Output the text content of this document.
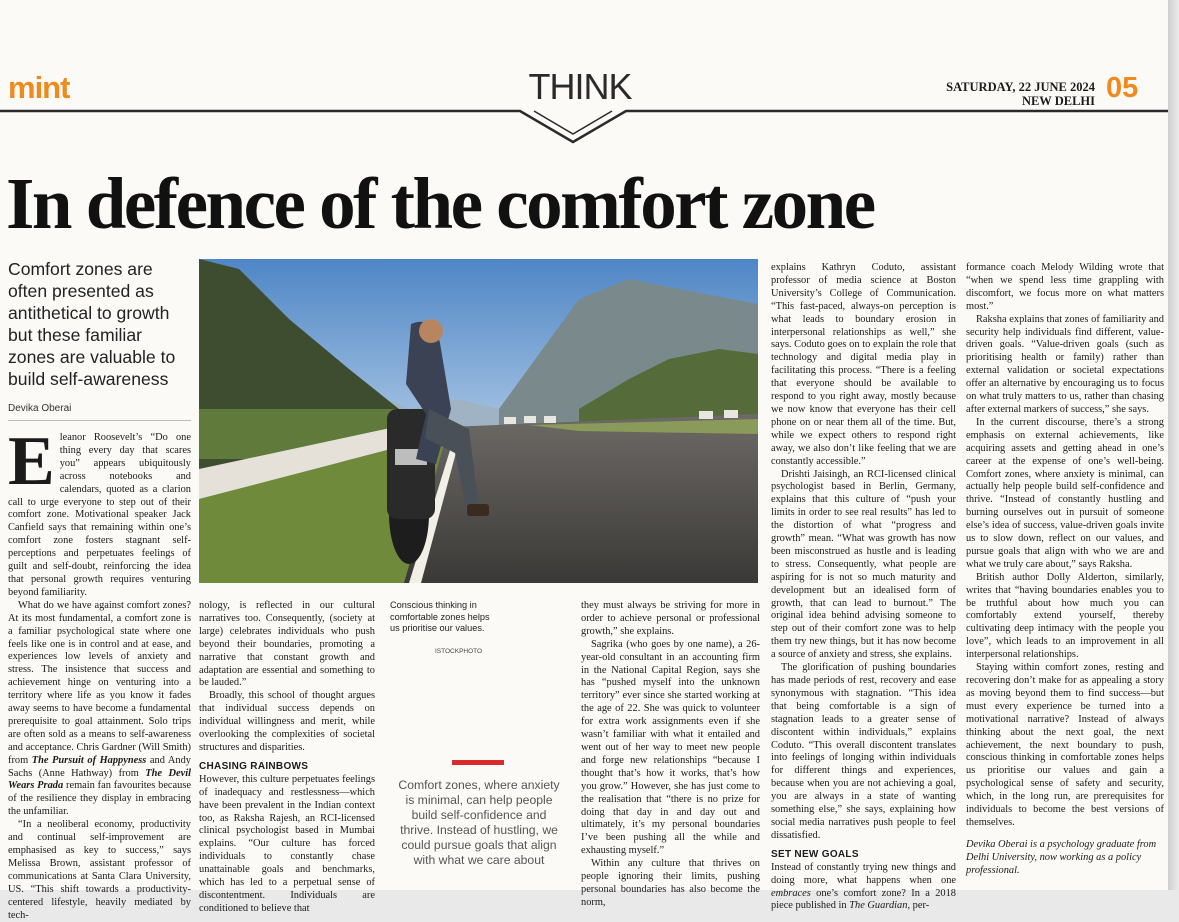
mint	THINK	SATURDAY, 22 JUNE 2024
NEW DELHI 05
In defence of the comfort zone
Comfort zones are often presented as antithetical to growth but these familiar zones are valuable to build self-awareness
Devika Oberai

Eleanor Roosevelt’s “Do one thing every day that scares you” appears ubiquitously across notebooks and calendars, quoted as a clarion call to urge everyone to step out of their comfort zone. Motivational speaker Jack Canfield says that remaining within one’s comfort zone fosters stagnant self-perceptions and perpetuates feelings of guilt and self-doubt, reinforcing the idea that personal growth requires venturing beyond familiarity.

What do we have against comfort zones? At its most fundamental, a comfort zone is a familiar psychological state where one feels like one is in control and at ease, and experiences low levels of anxiety and stress. The insistence that success and achievement hinge on venturing into a territory where life as you know it fades away seems to have become a fundamental prerequisite to goal attainment. Solo trips are often sold as a means to self-awareness and acceptance. Chris Gardner (Will Smith) from The Pursuit of Happyness and Andy Sachs (Anne Hathway) from The Devil Wears Prada remain fan favourites because of the resilience they display in embracing the unfamiliar.

“In a neoliberal economy, productivity and continual self-improvement are emphasised as key to success,” says Melissa Brown, assistant professor of communications at Santa Clara University, US. “This shift towards a productivity-centered lifestyle, heavily mediated by tech-

Conscious thinking in comfortable zones helps us prioritise our values.
ISTOCKPHOTO

nology, is reflected in our cultural narratives too. Consequently, (society at large) celebrates individuals who push beyond their boundaries, promoting a narrative that constant growth and adaptation are essential and something to be lauded.”

Broadly, this school of thought argues that individual success depends on individual willingness and merit, while overlooking the complexities of societal structures and disparities.

CHASING RAINBOWS

However, this culture perpetuates feelings of inadequacy and restlessness—which have been prevalent in the Indian context too, as Raksha Rajesh, an RCI-licensed clinical psychologist based in Mumbai explains. “Our culture has forced individuals to constantly chase unattainable goals and benchmarks, which has led to a perpetual sense of discontentment. Individuals are conditioned to believe that

they must always be striving for more in order to achieve personal or professional growth,” she explains.

Sagrika (who goes by one name), a 26-year-old consultant in an accounting firm in the National Capital Region, says she has “pushed myself into the unknown territory” ever since she started working at the age of 22. She was quick to volunteer for extra work assignments even if she wasn’t familiar with what it entailed and went out of her way to meet new people and forge new relationships “because I thought that’s how it works, that’s how you grow.” However, she has just come to the realisation that “there is no prize for doing that day in and day out and ultimately, it’s my personal boundaries I’ve been pushing all the while and exhausting myself.”

Within any culture that thrives on people ignoring their limits, pushing personal boundaries has also become the norm,

Comfort zones, where anxiety is minimal, can help people build self-confidence and thrive. Instead of hustling, we could pursue goals that align with what we care about

explains Kathryn Coduto, assistant professor of media science at Boston University’s College of Communication. “This fast-paced, always-on perception is what leads to boundary erosion in interpersonal relationships as well,” she says. Coduto goes on to explain the role that technology and digital media play in facilitating this process. “There is a feeling that everyone should be available to respond to you right away, mostly because we now know that everyone has their cell phone on or near them all of the time. But, while we expect others to respond right away, we also don’t like feeling that we are constantly accessible.”

Drishti Jaisingh, an RCI-licensed clinical psychologist based in Berlin, Germany, explains that this culture of “push your limits in order to see real results” has led to the distortion of what “progress and growth” mean. “What was growth has now been misconstrued as hustle and is leading to stress. Consequently, what people are aspiring for is not so much maturity and development but an idealised form of growth, that can lead to burnout.” The original idea behind advising someone to step out of their comfort zone was to help them try new things, but it has now become a source of anxiety and stress, she explains.

The glorification of pushing boundaries has made periods of rest, recovery and ease synonymous with stagnation. “This idea that being comfortable is a sign of stagnation leads to a greater sense of discontent within individuals,” explains Coduto. “This overall discontent translates into feelings of longing within individuals for different things and experiences, because when you are not achieving a goal, you are always in a state of wanting something else,” she says, explaining how social media narratives push people to feel dissatisfied.

SET NEW GOALS

Instead of constantly trying new things and doing more, what happens when one embraces one’s comfort zone? In a 2018 piece published in The Guardian, per-

formance coach Melody Wilding wrote that “when we spend less time grappling with discomfort, we focus more on what matters most.”

Raksha explains that zones of familiarity and security help individuals find different, value-driven goals. “Value-driven goals (such as prioritising health or family) rather than external validation or societal expectations offer an alternative by encouraging us to focus on what truly matters to us, rather than chasing after external markers of success,” she says.

In the current discourse, there’s a strong emphasis on external achievements, like acquiring assets and getting ahead in one’s career at the expense of one’s well-being. Comfort zones, where anxiety is minimal, can actually help people build self-confidence and thrive. “Instead of constantly hustling and burning ourselves out in pursuit of someone else’s idea of success, value-driven goals invite us to slow down, reflect on our values, and pursue goals that align with who we are and what we truly care about,” says Raksha.

British author Dolly Alderton, similarly, writes that “having boundaries enables you to be truthful about how much you can comfortably extend yourself, thereby cultivating deep intimacy with the people you love”, which leads to an improvement in all interpersonal relationships.

Staying within comfort zones, resting and recovering don’t make for as appealing a story as moving beyond them to find success—but must every experience be turned into a motivational narrative? Instead of always thinking about the next goal, the next achievement, the next boundary to push, conscious thinking in comfortable zones helps us prioritise our values and gain a psychological sense of safety and security, which, in the long run, are prerequisites for individuals to become the best versions of themselves.

Devika Oberai is a psychology graduate from Delhi University, now working as a policy professional.
